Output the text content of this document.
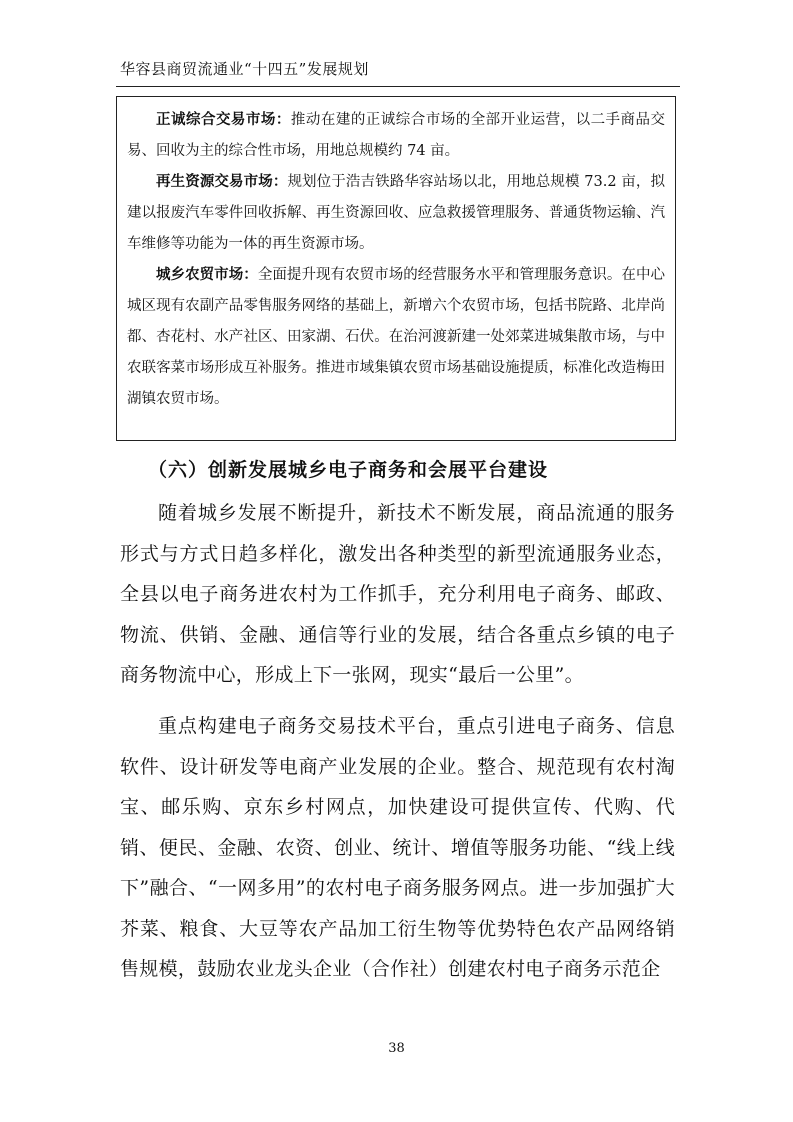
华容县商贸流通业“十四五”发展规划

正诚综合交易市场：推动在建的正诚综合市场的全部开业运营，以二手商品交易、回收为主的综合性市场，用地总规模约 74 亩。

再生资源交易市场：规划位于浩吉铁路华容站场以北，用地总规模 73.2 亩，拟建以报废汽车零件回收拆解、再生资源回收、应急救援管理服务、普通货物运输、汽车维修等功能为一体的再生资源市场。

城乡农贸市场：全面提升现有农贸市场的经营服务水平和管理服务意识。在中心城区现有农副产品零售服务网络的基础上，新增六个农贸市场，包括书院路、北岸尚都、杏花村、水产社区、田家湖、石伏。在治河渡新建一处郊菜进城集散市场，与中农联客菜市场形成互补服务。推进市域集镇农贸市场基础设施提质，标准化改造梅田湖镇农贸市场。

（六）创新发展城乡电子商务和会展平台建设

随着城乡发展不断提升，新技术不断发展，商品流通的服务形式与方式日趋多样化，激发出各种类型的新型流通服务业态，全县以电子商务进农村为工作抓手，充分利用电子商务、邮政、物流、供销、金融、通信等行业的发展，结合各重点乡镇的电子商务物流中心，形成上下一张网，现实“最后一公里”。

重点构建电子商务交易技术平台，重点引进电子商务、信息软件、设计研发等电商产业发展的企业。整合、规范现有农村淘宝、邮乐购、京东乡村网点，加快建设可提供宣传、代购、代销、便民、金融、农资、创业、统计、增值等服务功能、“线上线下”融合、“一网多用”的农村电子商务服务网点。进一步加强扩大芥菜、粮食、大豆等农产品加工衍生物等优势特色农产品网络销售规模，鼓励农业龙头企业（合作社）创建农村电子商务示范企

38
